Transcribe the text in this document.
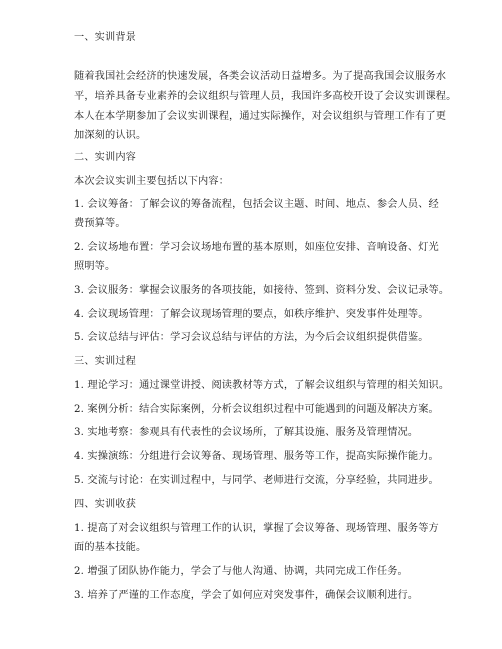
一、实训背景
随着我国社会经济的快速发展，各类会议活动日益增多。为了提高我国会议服务水
平，培养具备专业素养的会议组织与管理人员，我国许多高校开设了会议实训课程。
本人在本学期参加了会议实训课程，通过实际操作，对会议组织与管理工作有了更
加深刻的认识。
二、实训内容
本次会议实训主要包括以下内容：
1. 会议筹备：了解会议的筹备流程，包括会议主题、时间、地点、参会人员、经
费预算等。
2. 会议场地布置：学习会议场地布置的基本原则，如座位安排、音响设备、灯光
照明等。
3. 会议服务：掌握会议服务的各项技能，如接待、签到、资料分发、会议记录等。
4. 会议现场管理：了解会议现场管理的要点，如秩序维护、突发事件处理等。
5. 会议总结与评估：学习会议总结与评估的方法，为今后会议组织提供借鉴。
三、实训过程
1. 理论学习：通过课堂讲授、阅读教材等方式，了解会议组织与管理的相关知识。
2. 案例分析：结合实际案例，分析会议组织过程中可能遇到的问题及解决方案。
3. 实地考察：参观具有代表性的会议场所，了解其设施、服务及管理情况。
4. 实操演练：分组进行会议筹备、现场管理、服务等工作，提高实际操作能力。
5. 交流与讨论：在实训过程中，与同学、老师进行交流，分享经验，共同进步。
四、实训收获
1. 提高了对会议组织与管理工作的认识，掌握了会议筹备、现场管理、服务等方
面的基本技能。
2. 增强了团队协作能力，学会了与他人沟通、协调，共同完成工作任务。
3. 培养了严谨的工作态度，学会了如何应对突发事件，确保会议顺利进行。
